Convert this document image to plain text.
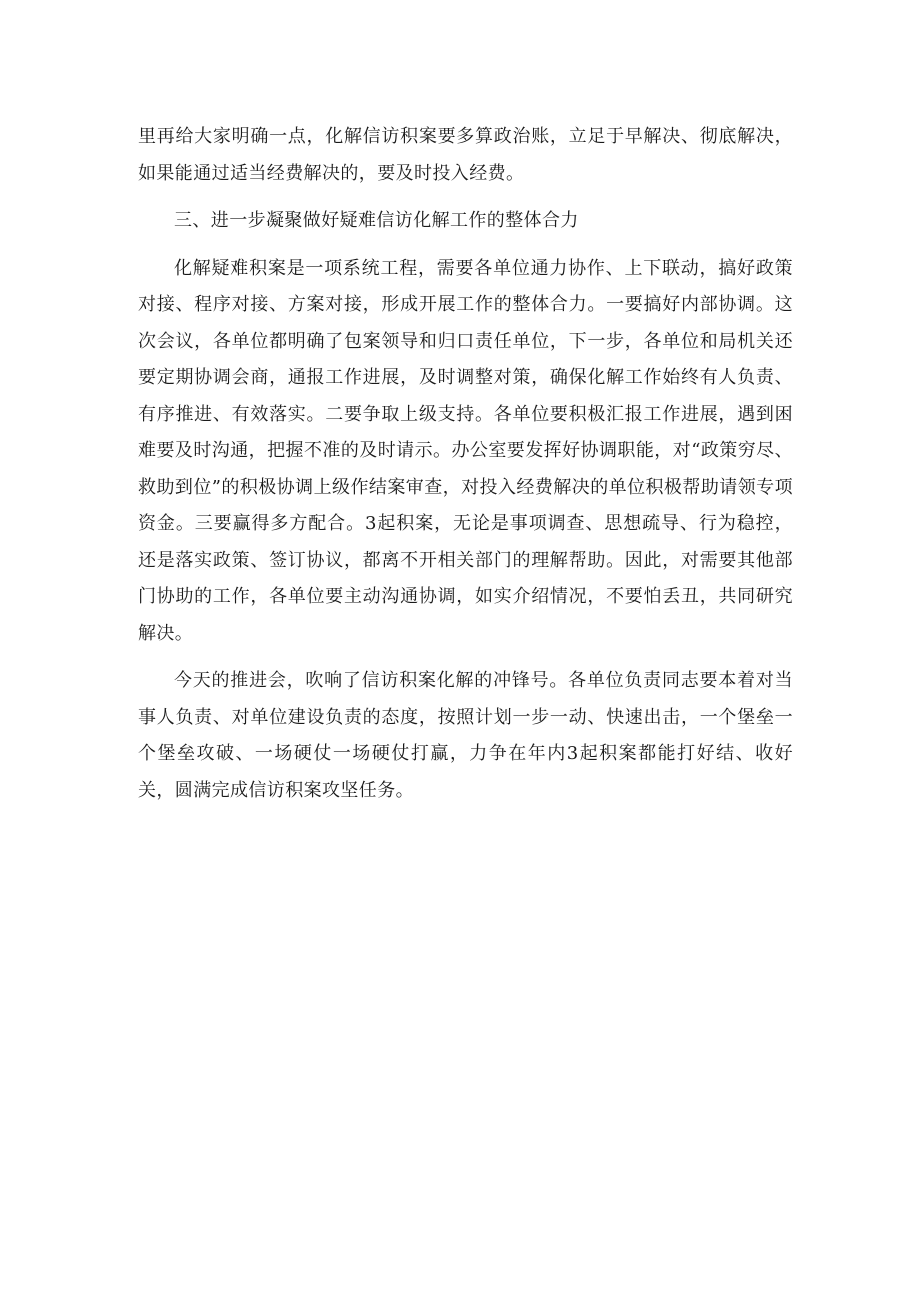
里再给大家明确一点，化解信访积案要多算政治账，立足于早解决、彻底解决，如果能通过适当经费解决的，要及时投入经费。

三、进一步凝聚做好疑难信访化解工作的整体合力

化解疑难积案是一项系统工程，需要各单位通力协作、上下联动，搞好政策对接、程序对接、方案对接，形成开展工作的整体合力。一要搞好内部协调。这次会议，各单位都明确了包案领导和归口责任单位，下一步，各单位和局机关还要定期协调会商，通报工作进展，及时调整对策，确保化解工作始终有人负责、有序推进、有效落实。二要争取上级支持。各单位要积极汇报工作进展，遇到困难要及时沟通，把握不准的及时请示。办公室要发挥好协调职能，对“政策穷尽、救助到位”的积极协调上级作结案审查，对投入经费解决的单位积极帮助请领专项资金。三要赢得多方配合。3起积案，无论是事项调查、思想疏导、行为稳控，还是落实政策、签订协议，都离不开相关部门的理解帮助。因此，对需要其他部门协助的工作，各单位要主动沟通协调，如实介绍情况，不要怕丢丑，共同研究解决。

今天的推进会，吹响了信访积案化解的冲锋号。各单位负责同志要本着对当事人负责、对单位建设负责的态度，按照计划一步一动、快速出击，一个堡垒一个堡垒攻破、一场硬仗一场硬仗打赢，力争在年内3起积案都能打好结、收好关，圆满完成信访积案攻坚任务。
